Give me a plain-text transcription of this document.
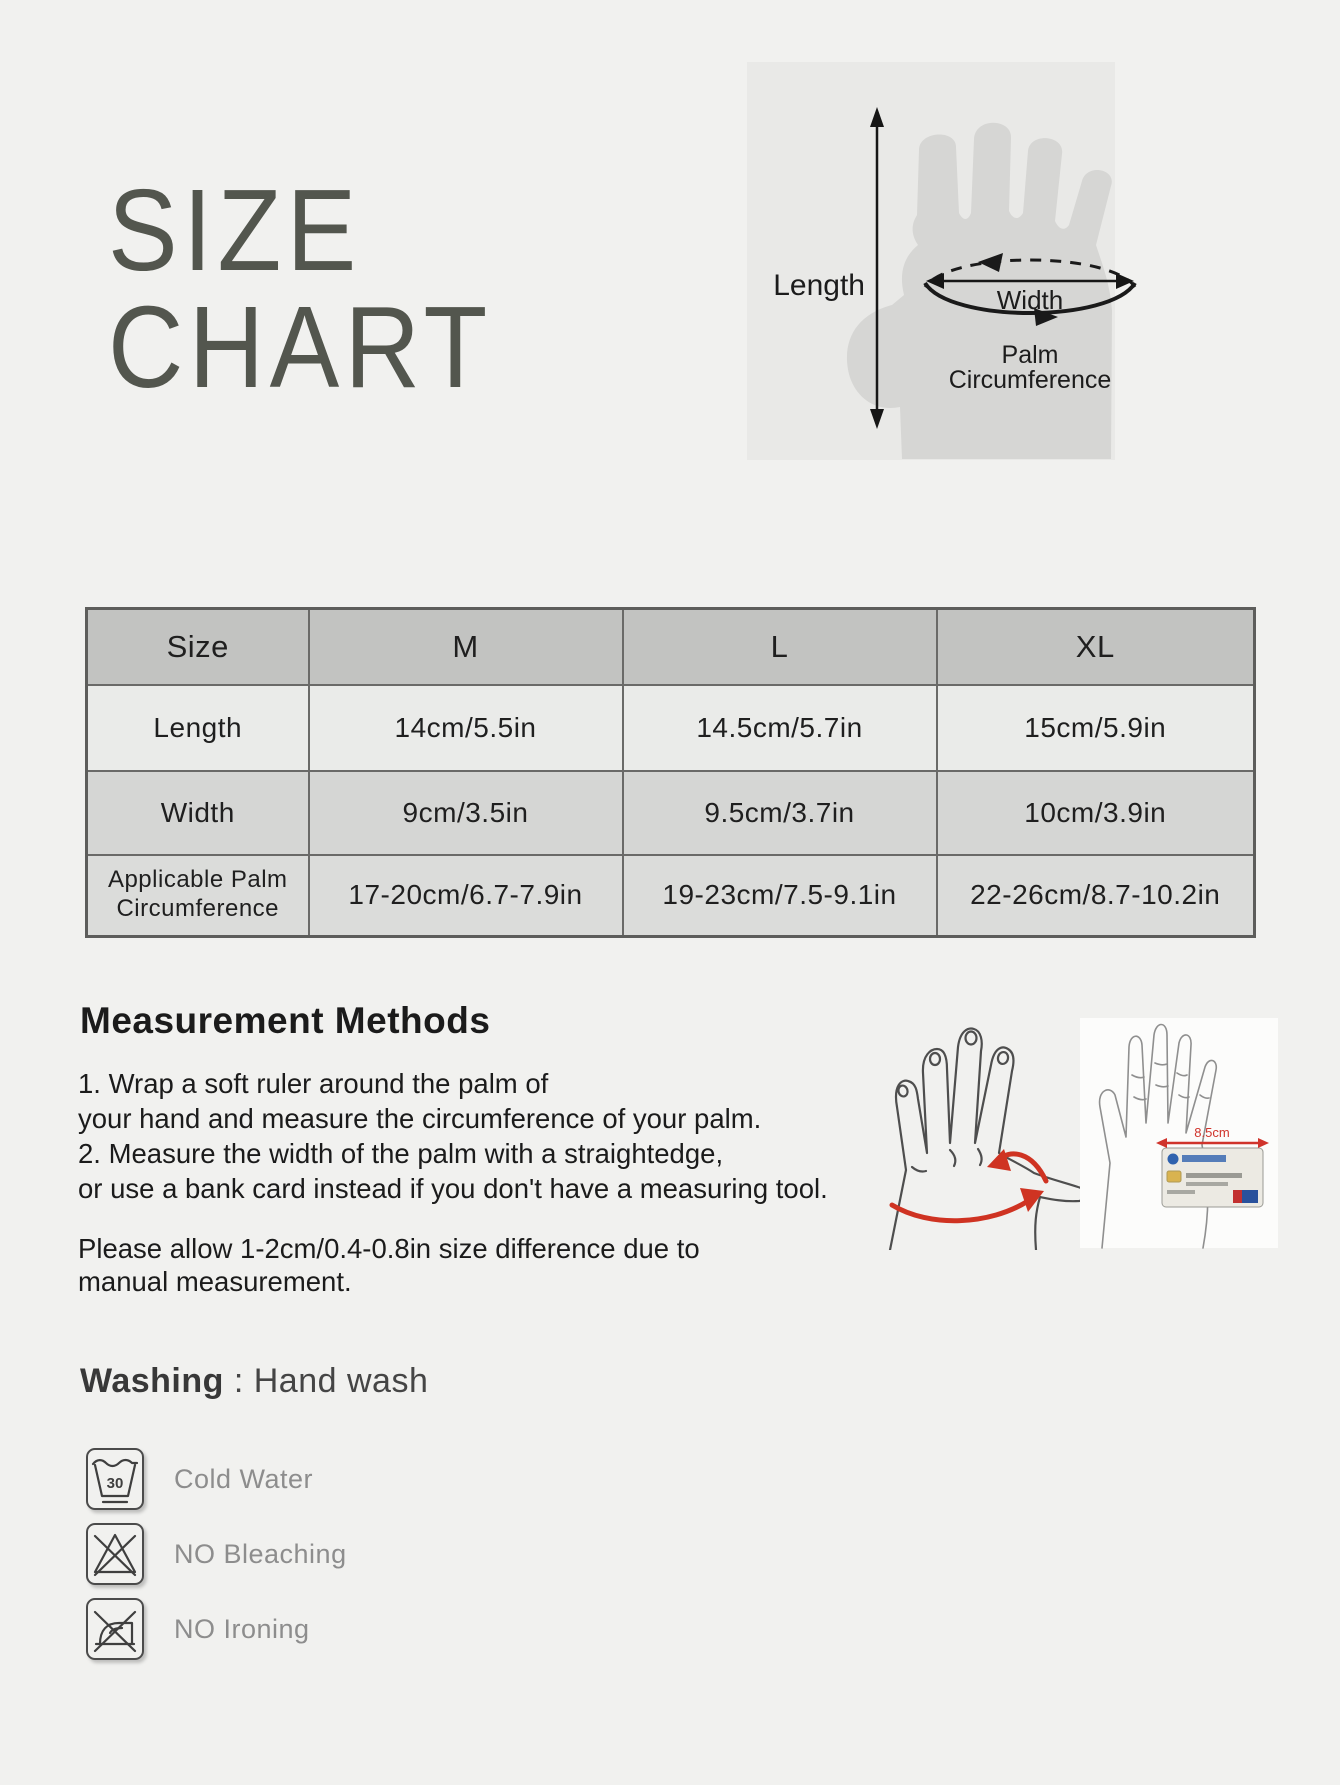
SIZE
CHART	Length	Width
Palm
Circumference
Size	M	L	XL
Length	14cm/5.5in	14.5cm/5.7in	15cm/5.9in
Width	9cm/3.5in	9.5cm/3.7in	10cm/3.9in
Applicable Palm Circumference	17-20cm/6.7-7.9in	19-23cm/7.5-9.1in	22-26cm/8.7-10.2in
Measurement Methods
1. Wrap a soft ruler around the palm of
your hand and measure the circumference of your palm.
2. Measure the width of the palm with a straightedge,
or use a bank card instead if you don't have a measuring tool.
Please allow 1-2cm/0.4-0.8in size difference due to
manual measurement.
8.5cm
Washing : Hand wash
30 Cold Water
NO Bleaching
NO Ironing
